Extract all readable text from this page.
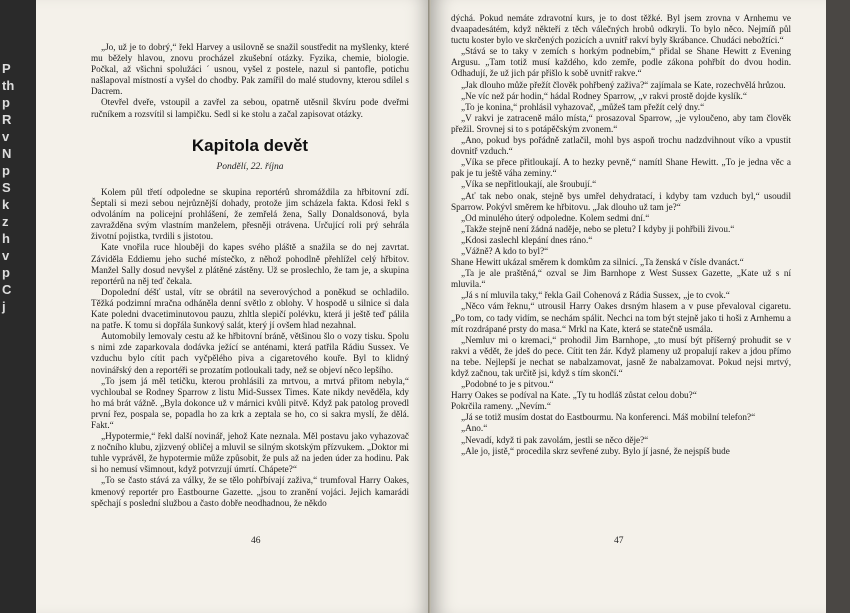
P
th
p
R
v
N
p
S
k
z
h
v
p
C
j

„Jo, už je to dobrý,“ řekl Harvey a usilovně se snažil soustředit na myšlenky, které mu běžely hlavou, znovu procházel zkušební otázky. Fyzika, chemie, biologie. Počkal, až všichni spolužáci ´ usnou, vyšel z postele, nazul si pantofle, potichu našlapoval místností a vyšel do chodby. Pak zamířil do malé studovny, kterou sdílel s Dacrem.

Otevřel dveře, vstoupil a zavřel za sebou, opatrně utěsnil škvíru pode dveřmi ručníkem a rozsvítil si lampičku. Sedl si ke stolu a začal zapisovat otázky.

Kapitola devět
Pondělí, 22. října

Kolem půl třetí odpoledne se skupina reportérů shromáždila za hřbitovní zdí. Šeptali si mezi sebou nejrůznější dohady, protože jim scházela fakta. Kdosi řekl s odvoláním na policejní prohlášení, že zemřelá žena, Sally Donaldsonová, byla zavražděna svým vlastním manželem, přesněji otrávena. Určující roli prý sehrála životní pojistka, tvrdili s jistotou.

Kate vnořila ruce hlouběji do kapes svého pláště a snažila se do nej zavrtat. Záviděla Eddiemu jeho suché místečko, z něhož pohodlně přehlížel celý hřbitov. Manžel Sally dosud nevyšel z plátěné zástěny. Už se proslechlo, že tam je, a skupina reportérů na něj teď čekala.

Dopolední déšť ustal, vítr se obrátil na severovýchod a poněkud se ochladilo. Těžká podzimní mračna odháněla denní světlo z oblohy. V hospodě u silnice si dala Kate poledni dvacetiminutovou pauzu, zhltla slepičí polévku, která ji ještě teď pálila na patře. K tomu si dopřála šunkový salát, který jí ovšem hlad nezahnal.

Automobily lemovaly cestu až ke hřbitovní bráně, většinou šlo o vozy tisku. Spolu s nimi zde zaparkovala dodávka ježící se anténami, která patřila Rádiu Sussex. Ve vzduchu bylo cítit pach vyčpělého piva a cigaretového kouře. Byl to klidný novinářský den a reportéři se prozatím potloukali tady, než se objeví něco lepšího.

„To jsem já měl tetičku, kterou prohlásili za mrtvou, a mrtvá přitom nebyla,“ vychloubal se Rodney Sparrow z listu Mid-Sussex Times. Kate nikdy nevěděla, kdy ho má brát vážně. „Byla dokonce už v márnici kvůli pitvě. Když pak patolog provedl první řez, pospala se, popadla ho za krk a zeptala se ho, co si sakra myslí, že dělá. Fakt.“

„Hypotermie,“ řekl další novinář, jehož Kate neznala. Měl postavu jako vyhazovač z nočního klubu, zjizvený obličej a mluvil se silným skotským přízvukem. „Doktor mi tuhle vyprávěl, že hypotermie může způsobit, že puls až na jeden úder za hodinu. Pak si ho nemusí všimnout, když potvrzují úmrtí. Chápete?“

„To se často stává za války, že se tělo pohřbívají zaživa,“ trumfoval Harry Oakes, kmenový reportér pro Eastbourne Gazette. „jsou to zranění vojáci. Jejich kamarádi spěchají s poslední službou a často dobře neodhadnou, že někdo

46

dýchá. Pokud nemáte zdravotní kurs, je to dost těžké. Byl jsem zrovna v Arnhemu ve dvaapadesátém, když někteří z těch válečných hrobů odkryli. To bylo něco. Nejmíň půl tuctu koster bylo ve skrčených pozicích a uvnitř rakví byly škrábance. Chudáci nebožtíci.“

„Stává se to taky v zemích s horkým podnebím,“ přidal se Shane Hewitt z Evening Argusu. „Tam totiž musí každého, kdo zemře, podle zákona pohřbít do dvou hodin. Odhadují, že už jich pár přišlo k sobě uvnitř rakve.“

„Jak dlouho může přežít člověk pohřbený zaživa?“ zajímala se Kate, rozechvělá hrůzou.

„Ne víc než pár hodin,“ hádal Rodney Sparrow, „v rakvi prostě dojde kyslík.“

„To je konina,“ prohlásil vyhazovač, „můžeš tam přežít celý dny.“

„V rakvi je zatraceně málo místa,“ prosazoval Sparrow, „je vyloučeno, aby tam člověk přežil. Srovnej si to s potápěčským zvonem.“

„Ano, pokud bys pořádně zatlačil, mohl bys aspoň trochu nadzdvihnout víko a vpustit dovnitř vzduch.“

„Víka se přece přitloukají. A to hezky pevně,“ namítl Shane Hewitt. „To je jedna věc a pak je tu ještě váha zeminy.“

„Víka se nepřitloukají, ale šroubují.“

„Ať tak nebo onak, stejně bys umřel dehydratací, i kdyby tam vzduch byl,“ usoudil Sparrow. Pokývl směrem ke hřbitovu. „Jak dlouho už tam je?“

„Od minulého úterý odpoledne. Kolem sedmi dní.“

„Takže stejně není žádná naděje, nebo se pletu? I kdyby ji pohřbili živou.“

„Kdosi zaslechl klepání dnes ráno.“

„Vážně? A kdo to byl?“

Shane Hewitt ukázal směrem k domkům za silnicí. „Ta ženská v čísle dvanáct.“

„Ta je ale praštěná,“ ozval se Jim Barnhope z West Sussex Gazette, „Kate už s ní mluvila.“

„Já s ní mluvila taky,“ řekla Gail Cohenová z Rádia Sussex, „je to cvok.“

„Něco vám řeknu,“ utrousil Harry Oakes drsným hlasem a v puse převaloval cigaretu. „Po tom, co tady vidím, se nechám spálit. Nechci na tom být stejně jako ti hoši z Arnhemu a mít rozdrápané prsty do masa.“ Mrkl na Kate, která se statečně usmála.

„Nemluv mi o kremaci,“ prohodil Jim Barnhope, „to musí být příšerný prohudit se v rakvi a vědět, že jdeš do pece. Cítit ten žár. Když plameny už propalují rakev a jdou přímo na tebe. Nejlepší je nechat se nabalzamovat, jasně že nabalzamovat. Pokud nejsi mrtvý, když začnou, tak určitě jsi, když s tím skončí.“

„Podobné to je s pitvou.“

Harry Oakes se podíval na Kate. „Ty tu hodláš zůstat celou dobu?“

Pokrčila rameny. „Nevím.“

„Já se totiž musím dostat do Eastbourmu. Na konferenci. Máš mobilní telefon?“

„Ano.“

„Nevadí, když ti pak zavolám, jestli se něco děje?“

„Ale jo, jistě,“ procedila skrz sevřené zuby. Bylo jí jasné, že nejspíš bude

47
